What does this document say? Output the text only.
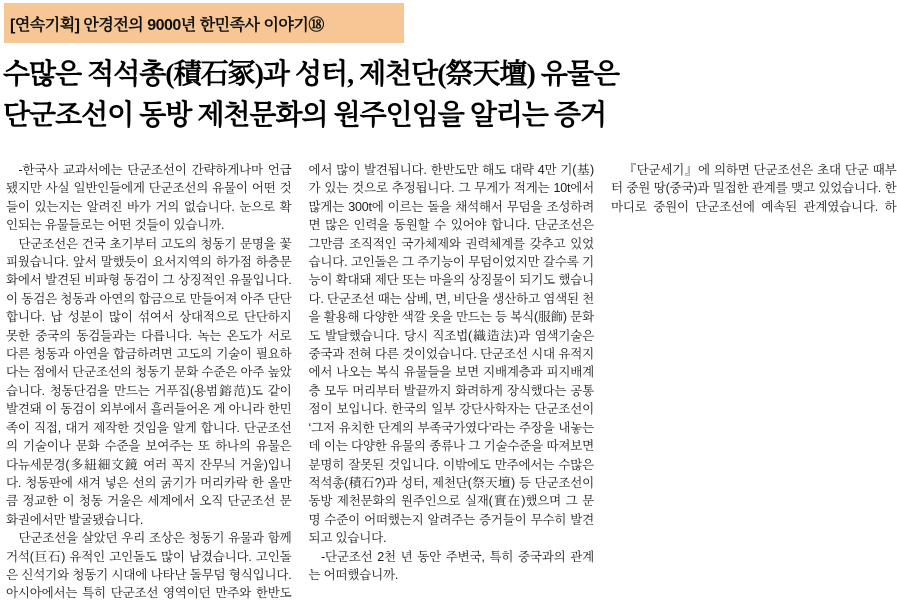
[연속기획] 안경전의 9000년 한민족사 이야기⑱
수많은 적석총(積石冢)과 성터, 제천단(祭天壇) 유물은
단군조선이 동방 제천문화의 원주인임을 알리는 증거

-한국사 교과서에는 단군조선이 간략하게나마 언급됐지만 사실 일반인들에게 단군조선의 유물이 어떤 것들이 있는지는 알려진 바가 거의 없습니다. 눈으로 확인되는 유물들로는 어떤 것들이 있습니까.

단군조선은 건국 초기부터 고도의 청동기 문명을 꽃피웠습니다. 앞서 말했듯이 요서지역의 하가점 하층문화에서 발견된 비파형 동검이 그 상징적인 유물입니다. 이 동검은 청동과 아연의 합금으로 만들어져 아주 단단합니다. 납 성분이 많이 섞여서 상대적으로 단단하지 못한 중국의 동검들과는 다릅니다. 녹는 온도가 서로 다른 청동과 아연을 합금하려면 고도의 기술이 필요하다는 점에서 단군조선의 청동기 문화 수준은 아주 높았습니다. 청동단검을 만드는 거푸집(용범鎔范)도 같이 발견돼 이 동검이 외부에서 흘러들어온 게 아니라 한민족이 직접, 대거 제작한 것임을 알게 합니다. 단군조선의 기술이나 문화 수준을 보여주는 또 하나의 유물은 다뉴세문경(多紐細文鏡 여러 꼭지 잔무늬 거울)입니다. 청동판에 새겨 넣은 선의 굵기가 머리카락 한 올만큼 정교한 이 청동 거울은 세계에서 오직 단군조선 문화권에서만 발굴됐습니다.

단군조선을 살았던 우리 조상은 청동기 유물과 함께 거석(巨石) 유적인 고인돌도 많이 남겼습니다. 고인돌은 신석기와 청동기 시대에 나타난 돌무덤 형식입니다. 아시아에서는 특히 단군조선 영역이던 만주와 한반도에서 많이 발견됩니다. 한반도만 해도 대략 4만 기(基)가 있는 것으로 추정됩니다. 그 무게가 적게는 10t에서 많게는 300t에 이르는 돌을 채석해서 무덤을 조성하려면 많은 인력을 동원할 수 있어야 합니다. 단군조선은 그만큼 조직적인 국가체제와 권력체계를 갖추고 있었습니다. 고인돌은 그 주기능이 무덤이었지만 갈수록 기능이 확대돼 제단 또는 마을의 상징물이 되기도 했습니다. 단군조선 때는 삼베, 면, 비단을 생산하고 염색된 천을 활용해 다양한 색깔 옷을 만드는 등 복식(服飾) 문화도 발달했습니다. 당시 직조법(織造法)과 염색기술은 중국과 전혀 다른 것이었습니다. 단군조선 시대 유적지에서 나오는 복식 유물들을 보면 지배계층과 피지배계층 모두 머리부터 발끝까지 화려하게 장식했다는 공통점이 보입니다. 한국의 일부 강단사학자는 단군조선이 ‘그저 유치한 단계의 부족국가였다’라는 주장을 내놓는데 이는 다양한 유물의 종류나 그 기술수준을 따져보면 분명히 잘못된 것입니다. 이밖에도 만주에서는 수많은 적석총(積石?)과 성터, 제천단(祭天壇) 등 단군조선이 동방 제천문화의 원주인으로 실재(實在)했으며 그 문명 수준이 어떠했는지 알려주는 증거들이 무수히 발견되고 있습니다.

-단군조선 2천 년 동안 주변국, 특히 중국과의 관계는 어떠했습니까.

『단군세기』에 의하면 단군조선은 초대 단군 때부터 중원 땅(중국)과 밀접한 관계를 맺고 있었습니다. 한마디로 중원이 단군조선에 예속된 관계였습니다. 하
